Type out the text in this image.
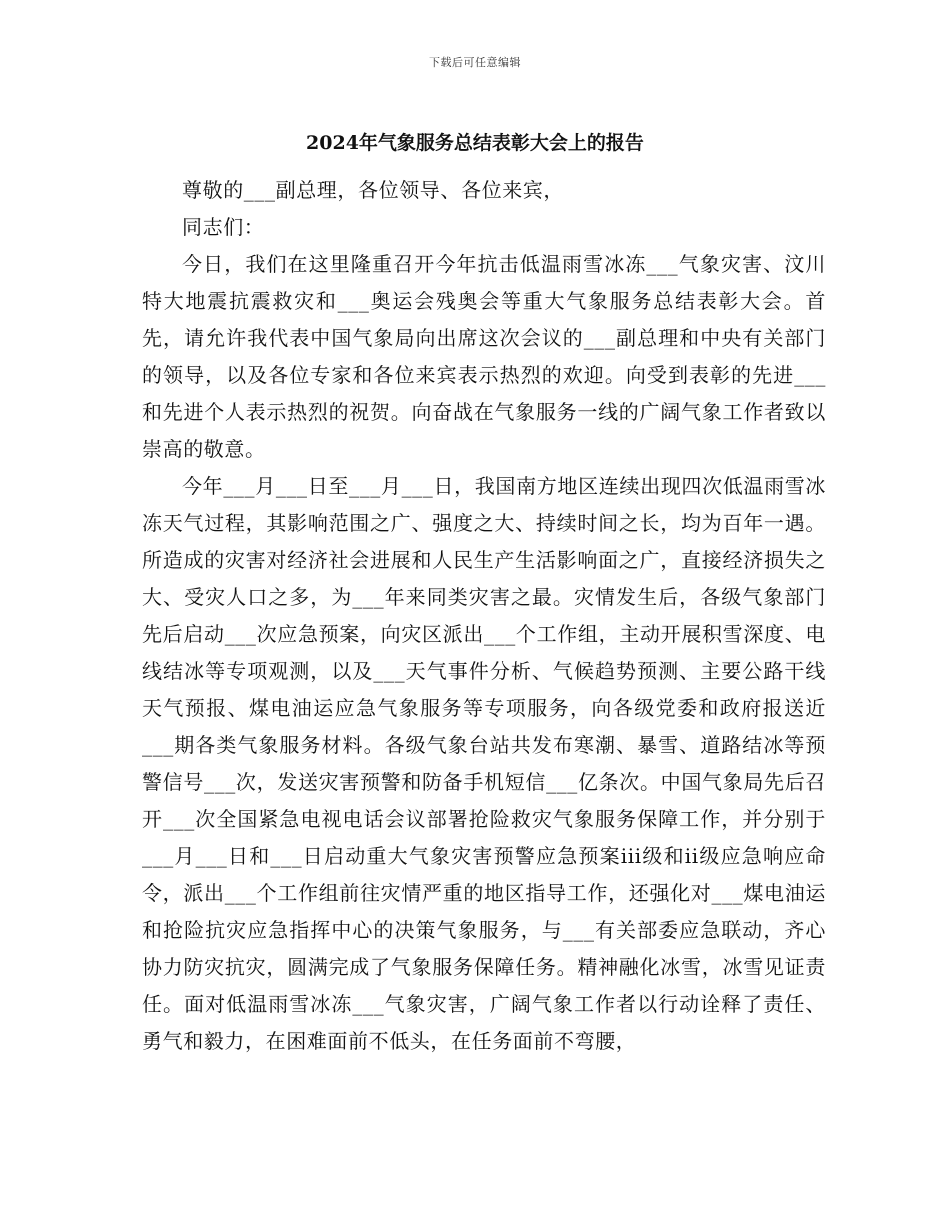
下载后可任意编辑
2024年气象服务总结表彰大会上的报告

尊敬的___副总理，各位领导、各位来宾，

同志们：

今日，我们在这里隆重召开今年抗击低温雨雪冰冻___气象灾害、汶川特大地震抗震救灾和___奥运会残奥会等重大气象服务总结表彰大会。首先，请允许我代表中国气象局向出席这次会议的___副总理和中央有关部门的领导，以及各位专家和各位来宾表示热烈的欢迎。向受到表彰的先进___和先进个人表示热烈的祝贺。向奋战在气象服务一线的广阔气象工作者致以崇高的敬意。

今年___月___日至___月___日，我国南方地区连续出现四次低温雨雪冰冻天气过程，其影响范围之广、强度之大、持续时间之长，均为百年一遇。所造成的灾害对经济社会进展和人民生产生活影响面之广，直接经济损失之大、受灾人口之多，为___年来同类灾害之最。灾情发生后，各级气象部门先后启动___次应急预案，向灾区派出___个工作组，主动开展积雪深度、电线结冰等专项观测，以及___天气事件分析、气候趋势预测、主要公路干线天气预报、煤电油运应急气象服务等专项服务，向各级党委和政府报送近___期各类气象服务材料。各级气象台站共发布寒潮、暴雪、道路结冰等预警信号___次，发送灾害预警和防备手机短信___亿条次。中国气象局先后召开___次全国紧急电视电话会议部署抢险救灾气象服务保障工作，并分别于___月___日和___日启动重大气象灾害预警应急预案iii级和ii级应急响应命令，派出___个工作组前往灾情严重的地区指导工作，还强化对___煤电油运和抢险抗灾应急指挥中心的决策气象服务，与___有关部委应急联动，齐心协力防灾抗灾，圆满完成了气象服务保障任务。精神融化冰雪，冰雪见证责任。面对低温雨雪冰冻___气象灾害，广阔气象工作者以行动诠释了责任、勇气和毅力，在困难面前不低头，在任务面前不弯腰，
